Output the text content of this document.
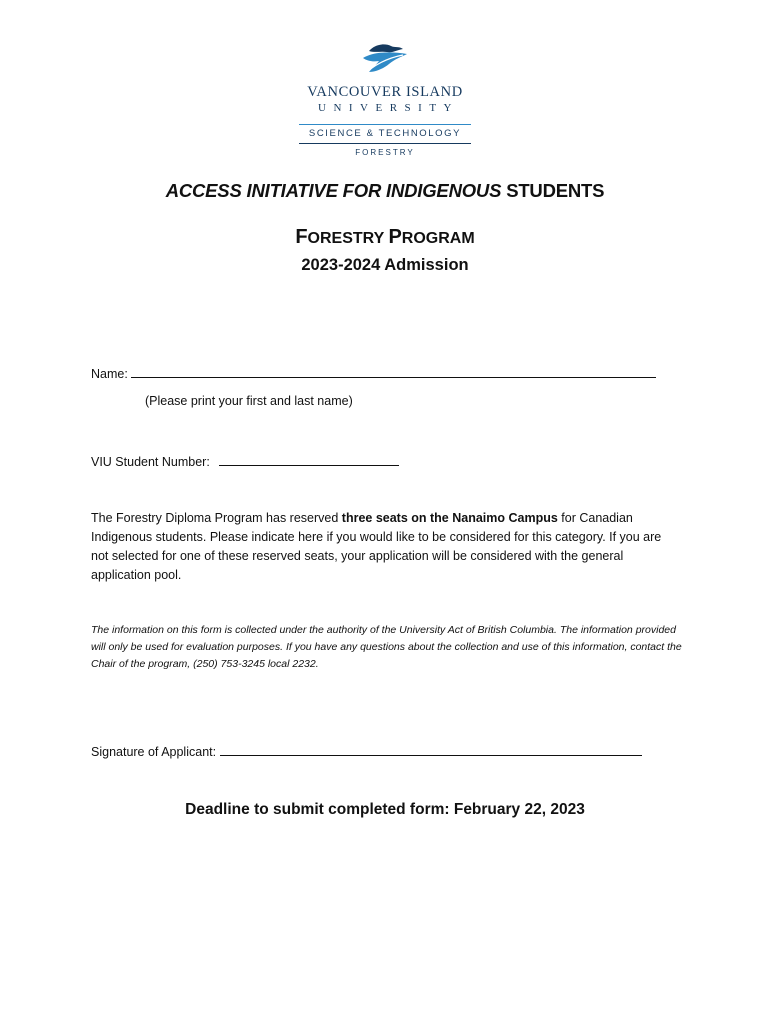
VANCOUVER ISLAND
UNIVERSITY
SCIENCE & TECHNOLOGY
FORESTRY
ACCESS INITIATIVE FOR INDIGENOUS STUDENTS
FORESTRY PROGRAM
2023-2024 Admission
Name:
(Please print your first and last name)
VIU Student Number:
The Forestry Diploma Program has reserved three seats on the Nanaimo Campus for Canadian Indigenous students. Please indicate here if you would like to be considered for this category. If you are not selected for one of these reserved seats, your application will be considered with the general application pool.
The information on this form is collected under the authority of the University Act of British Columbia. The information provided will only be used for evaluation purposes. If you have any questions about the collection and use of this information, contact the Chair of the program, (250) 753-3245 local 2232.
Signature of Applicant:
Deadline to submit completed form: February 22, 2023
